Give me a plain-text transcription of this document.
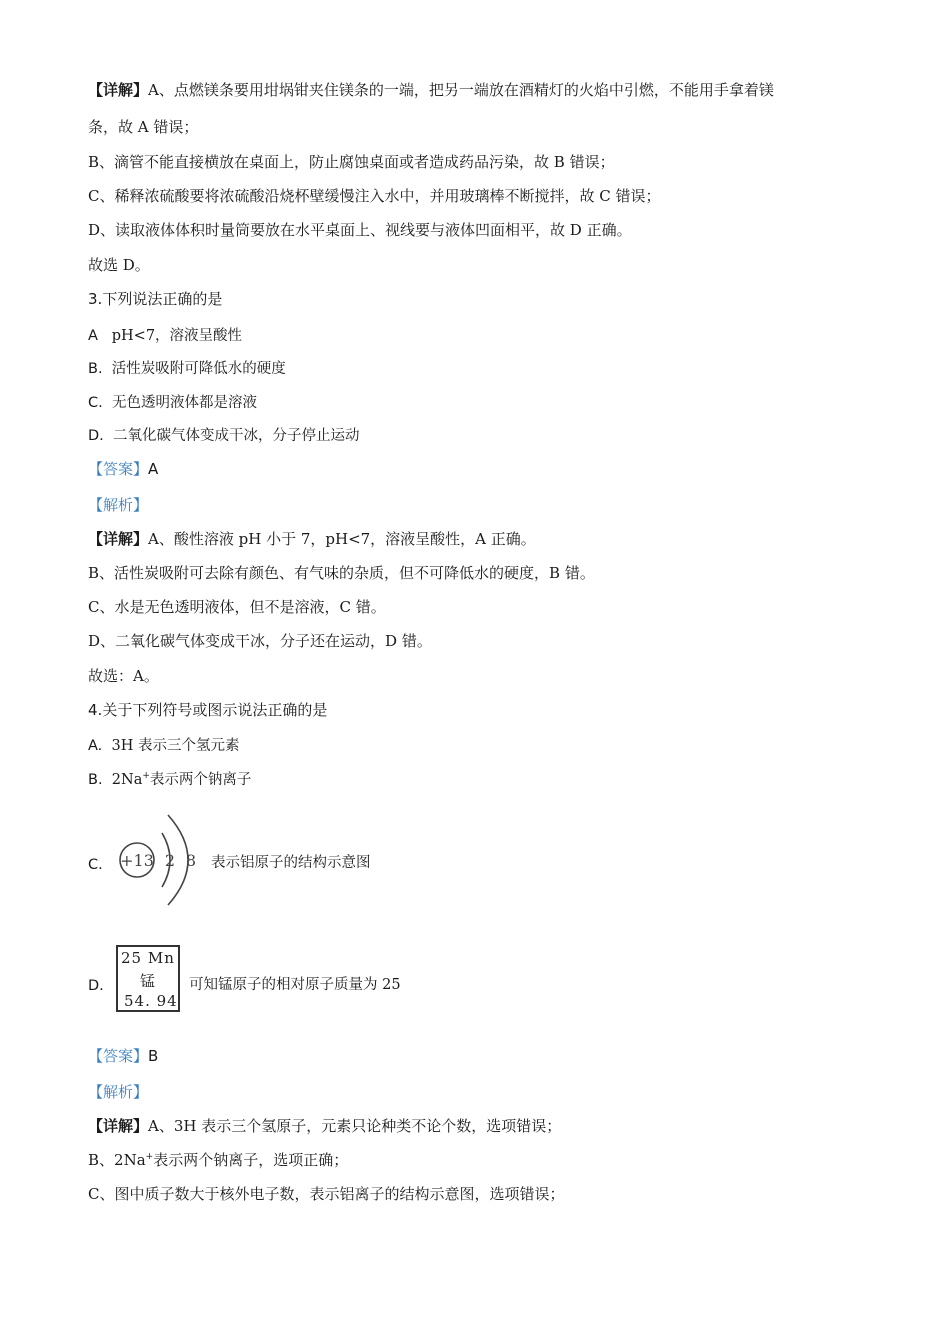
【详解】A、点燃镁条要用坩埚钳夹住镁条的一端，把另一端放在酒精灯的火焰中引燃，不能用手拿着镁
条，故 A 错误；
B、滴管不能直接横放在桌面上，防止腐蚀桌面或者造成药品污染，故 B 错误；
C、稀释浓硫酸要将浓硫酸沿烧杯壁缓慢注入水中，并用玻璃棒不断搅拌，故 C 错误；
D、读取液体体积时量筒要放在水平桌面上、视线要与液体凹面相平，故 D 正确。
故选 D。
3.下列说法正确的是
A pH<7，溶液呈酸性
B. 活性炭吸附可降低水的硬度
C. 无色透明液体都是溶液
D. 二氧化碳气体变成干冰，分子停止运动
【答案】A
【解析】
【详解】A、酸性溶液 pH 小于 7，pH<7，溶液呈酸性，A 正确。
B、活性炭吸附可去除有颜色、有气味的杂质，但不可降低水的硬度，B 错。
C、水是无色透明液体，但不是溶液，C 错。
D、二氧化碳气体变成干冰，分子还在运动，D 错。
故选：A。
4.关于下列符号或图示说法正确的是
A. 3H 表示三个氢元素
B. 2Na+表示两个钠离子
C. +13 2 8 表示铝原子的结构示意图
D.
25 Mn
锰
54. 94
可知锰原子的相对原子质量为 25
【答案】B
【解析】
【详解】A、3H 表示三个氢原子，元素只论种类不论个数，选项错误；
B、2Na+表示两个钠离子，选项正确；
C、图中质子数大于核外电子数，表示铝离子的结构示意图，选项错误；
